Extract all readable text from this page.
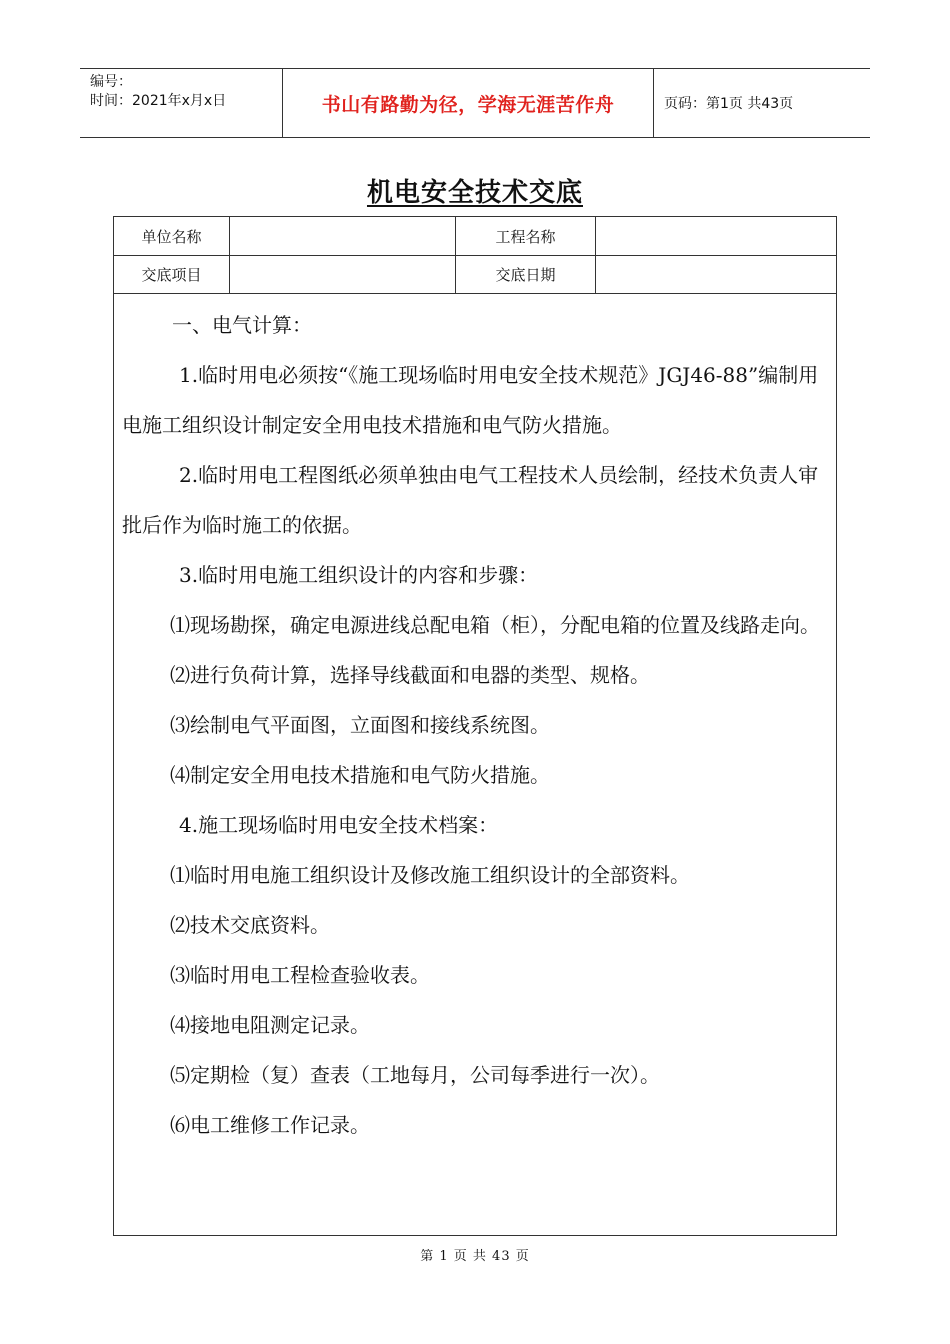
编号：
时间：2021年x月x日	书山有路勤为径，学海无涯苦作舟	页码：第1页 共43页
机电安全技术交底
单位名称	工程名称
交底项目	交底日期

一、电气计算：

1.临时用电必须按“《施工现场临时用电安全技术规范》JGJ46-88”编制用电施工组织设计制定安全用电技术措施和电气防火措施。

2.临时用电工程图纸必须单独由电气工程技术人员绘制，经技术负责人审批后作为临时施工的依据。

3.临时用电施工组织设计的内容和步骤：

⑴现场勘探，确定电源进线总配电箱（柜），分配电箱的位置及线路走向。

⑵进行负荷计算，选择导线截面和电器的类型、规格。

⑶绘制电气平面图，立面图和接线系统图。

⑷制定安全用电技术措施和电气防火措施。

4.施工现场临时用电安全技术档案：

⑴临时用电施工组织设计及修改施工组织设计的全部资料。

⑵技术交底资料。

⑶临时用电工程检查验收表。

⑷接地电阻测定记录。

⑸定期检（复）查表（工地每月，公司每季进行一次）。

⑹电工维修工作记录。

第 1 页 共 43 页
